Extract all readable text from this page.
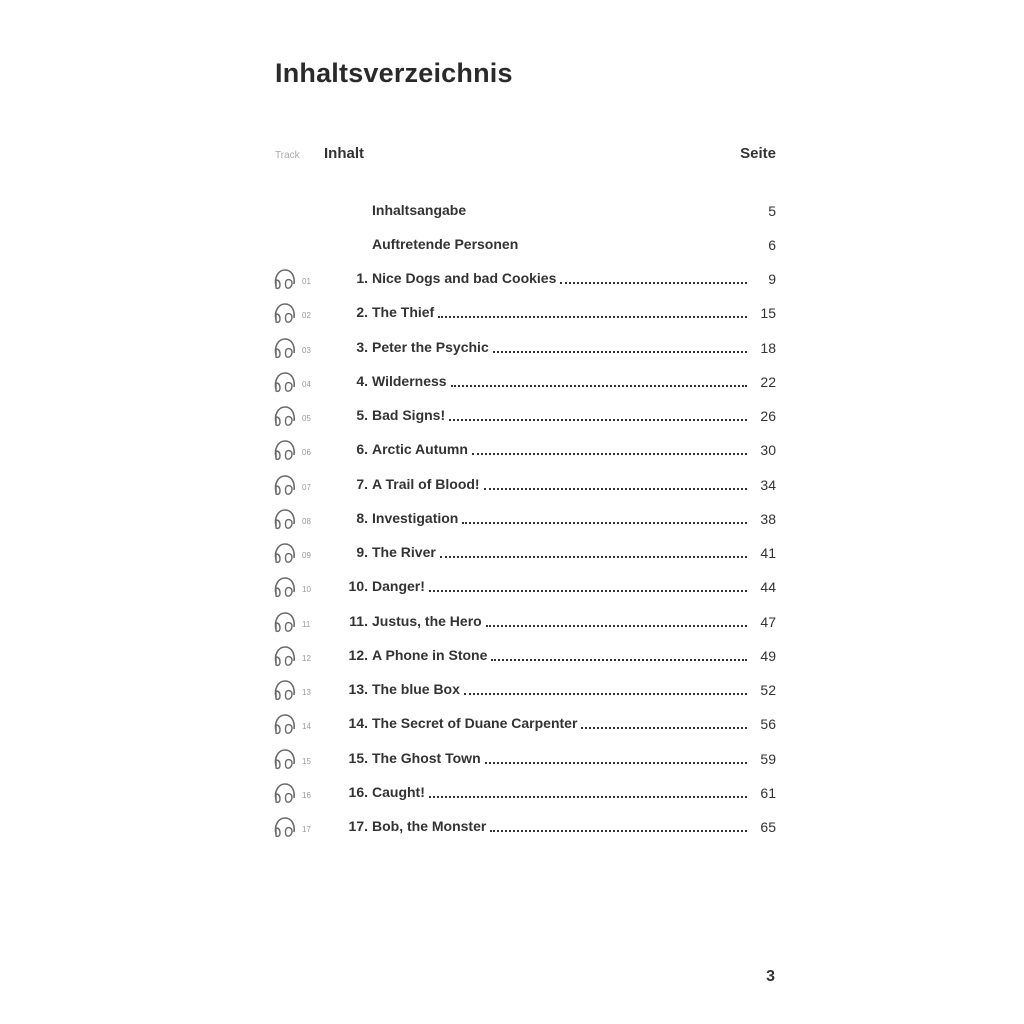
Inhaltsverzeichnis
Track Inhalt	Seite
Inhaltsangabe	5
Auftretende Personen	6
01	1. Nice Dogs and bad Cookies	9
02	2. The Thief	15
03	3. Peter the Psychic	18
04	4. Wilderness	22
05	5. Bad Signs!	26
06	6. Arctic Autumn	30
07	7. A Trail of Blood!	34
08	8. Investigation	38
09	9. The River	41
10	10. Danger!	44
11	11. Justus, the Hero	47
12	12. A Phone in Stone	49
13	13. The blue Box	52
14	14. The Secret of Duane Carpenter	56
15	15. The Ghost Town	59
16	16. Caught!	61
17	17. Bob, the Monster	65
3
